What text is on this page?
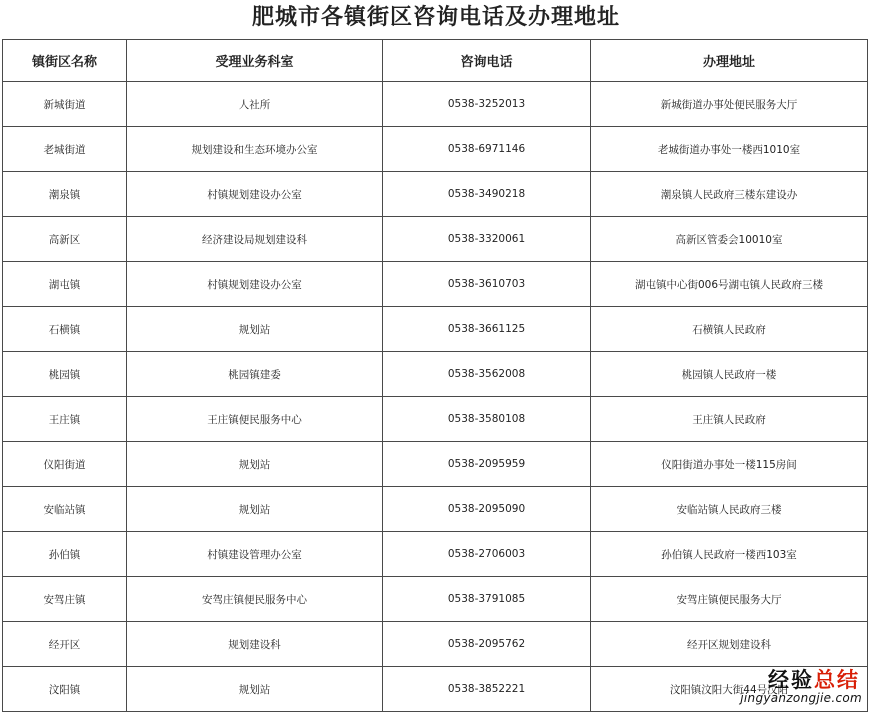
肥城市各镇街区咨询电话及办理地址
镇街区名称	受理业务科室	咨询电话	办理地址
新城街道	人社所	0538-3252013	新城街道办事处便民服务大厅
老城街道	规划建设和生态环境办公室	0538-6971146	老城街道办事处一楼西1010室
潮泉镇	村镇规划建设办公室	0538-3490218	潮泉镇人民政府三楼东建设办
高新区	经济建设局规划建设科	0538-3320061	高新区管委会10010室
湖屯镇	村镇规划建设办公室	0538-3610703	湖屯镇中心街006号湖屯镇人民政府三楼
石横镇	规划站	0538-3661125	石横镇人民政府
桃园镇	桃园镇建委	0538-3562008	桃园镇人民政府一楼
王庄镇	王庄镇便民服务中心	0538-3580108	王庄镇人民政府
仪阳街道	规划站	0538-2095959	仪阳街道办事处一楼115房间
安临站镇	规划站	0538-2095090	安临站镇人民政府三楼
孙伯镇	村镇建设管理办公室	0538-2706003	孙伯镇人民政府一楼西103室
安驾庄镇	安驾庄镇便民服务中心	0538-3791085	安驾庄镇便民服务大厅
经开区	规划建设科	0538-2095762	经开区规划建设科
汶阳镇	规划站	0538-3852221	汶阳镇汶阳大街44号汶阳
经验总结
jingyanzongjie.com
